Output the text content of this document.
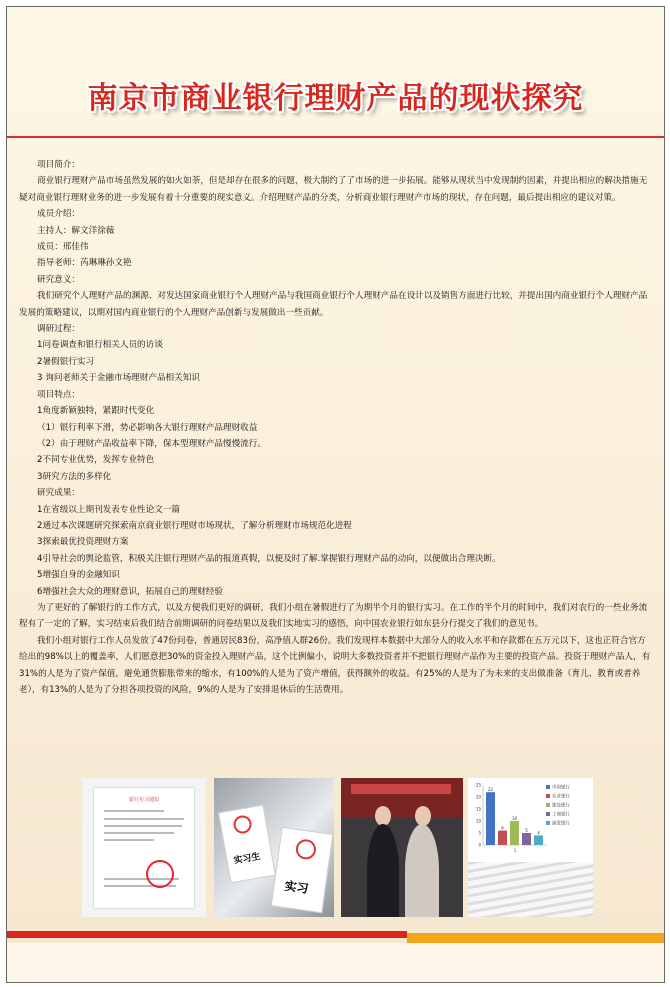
南京市商业银行理财产品的现状探究

项目简介：

商业银行理财产品市场虽然发展的如火如荼，但是却存在很多的问题，极大制约了了市场的进一步拓展。能够从现状当中发现制约因素，并提出相应的解决措施无疑对商业银行理财业务的进一步发展有着十分重要的现实意义。介绍理财产品的分类，分析商业银行理财产市场的现状，存在问题，最后提出相应的建议对策。

成员介绍：

主持人：解文洋徐薇

成员：邢佳伟

指导老师：芮琳琳孙文艳

研究意义：

我们研究个人理财产品的渊源、对发达国家商业银行个人理财产品与我国商业银行个人理财产品在设计以及销售方面进行比较，并提出国内商业银行个人理财产品发展的策略建议，以期对国内商业银行的个人理财产品创新与发展做出一些贡献。

调研过程：

1问卷调查和银行相关人员的访谈

2暑假银行实习

3 询问老师关于金融市场理财产品相关知识

项目特点：

1角度新颖独特，紧跟时代变化

（1）银行利率下滑，势必影响各大银行理财产品理财收益

（2）由于理财产品收益率下降，保本型理财产品慢慢流行。

2不同专业优势，发挥专业特色

3研究方法的多样化

研究成果：

1在省级以上期刊发表专业性论文一篇

2通过本次课题研究探索南京商业银行理财市场现状，了解分析理财市场规范化进程

3探索最优投资理财方案

4引导社会的舆论监管，积极关注银行理财产品的报道真假，以便及时了解.掌握银行理财产品的动向，以便做出合理决断。

5增强自身的金融知识

6增强社会大众的理财意识，拓展自己的理财经验

为了更好的了解银行的工作方式，以及方便我们更好的调研，我们小组在暑假进行了为期半个月的银行实习。在工作的半个月的时间中，我们对农行的一些业务流程有了一定的了解，实习结束后我们结合前期调研的问卷结果以及我们实地实习的感悟，向中国农业银行如东县分行提交了我们的意见书。

我们小组对银行工作人员发放了47份问卷，普通居民83份，高净值人群26份。我们发现样本数据中大部分人的收入水平和存款都在五万元以下，这也正符合官方给出的98%以上的覆盖率，人们愿意把30%的资金投入理财产品，这个比例偏小，说明大多数投资者并不把银行理财产品作为主要的投资产品。投资于理财产品人，有31%的人是为了资产保值，避免通货膨胀带来的缩水，有100%的人是为了资产增值，获得额外的收益。有25%的人是为了为未来的支出做准备（育儿、教育或者养老），有13%的人是为了分担各项投资的风险，9%的人是为了安排退休后的生活费用。

银行实习通知
实习生
实习
25
20
15
10
5
0
22	中国银行
6
农业银行
10
建设银行
5
工商银行
4
浦发银行
1
